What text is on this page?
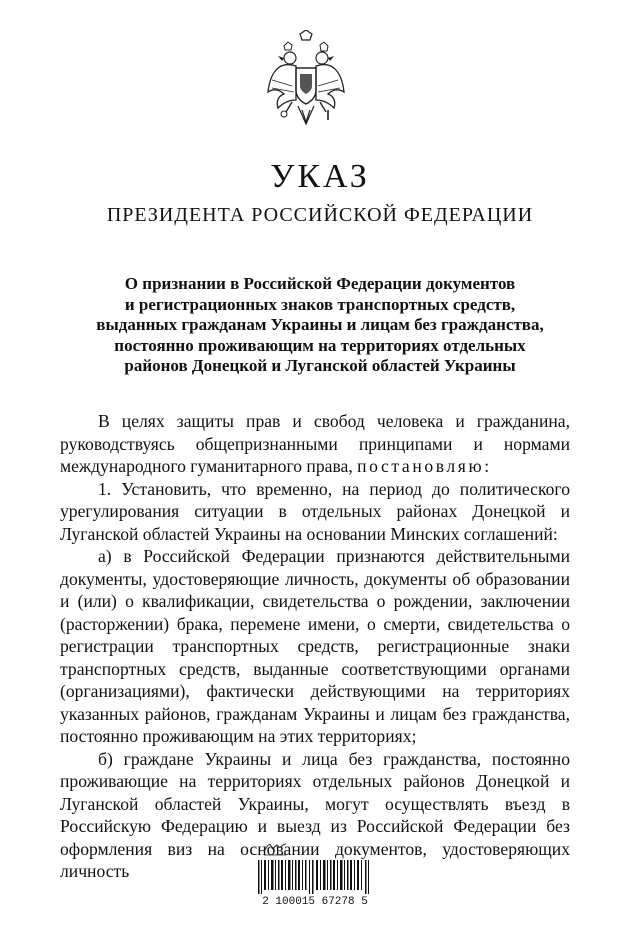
УКАЗ
ПРЕЗИДЕНТА РОССИЙСКОЙ ФЕДЕРАЦИИ
О признании в Российской Федерации документов
и регистрационных знаков транспортных средств,
выданных гражданам Украины и лицам без гражданства,
постоянно проживающим на территориях отдельных
районов Донецкой и Луганской областей Украины

В целях защиты прав и свобод человека и гражданина, руководствуясь общепризнанными принципами и нормами международного гуманитарного права, постановляю:

1. Установить, что временно, на период до политического урегулирования ситуации в отдельных районах Донецкой и Луганской областей Украины на основании Минских соглашений:

а) в Российской Федерации признаются действительными документы, удостоверяющие личность, документы об образовании и (или) о квалификации, свидетельства о рождении, заключении (расторжении) брака, перемене имени, о смерти, свидетельства о регистрации транспортных средств, регистрационные знаки транспортных средств, выданные соответствующими органами (организациями), фактически действующими на территориях указанных районов, гражданам Украины и лицам без гражданства, постоянно проживающим на этих территориях;

б) граждане Украины и лица без гражданства, постоянно проживающие на территориях отдельных районов Донецкой и Луганской областей Украины, могут осуществлять въезд в Российскую Федерацию и выезд из Российской Федерации без оформления виз на основании документов, удостоверяющих личность

2 100015 67278 5
